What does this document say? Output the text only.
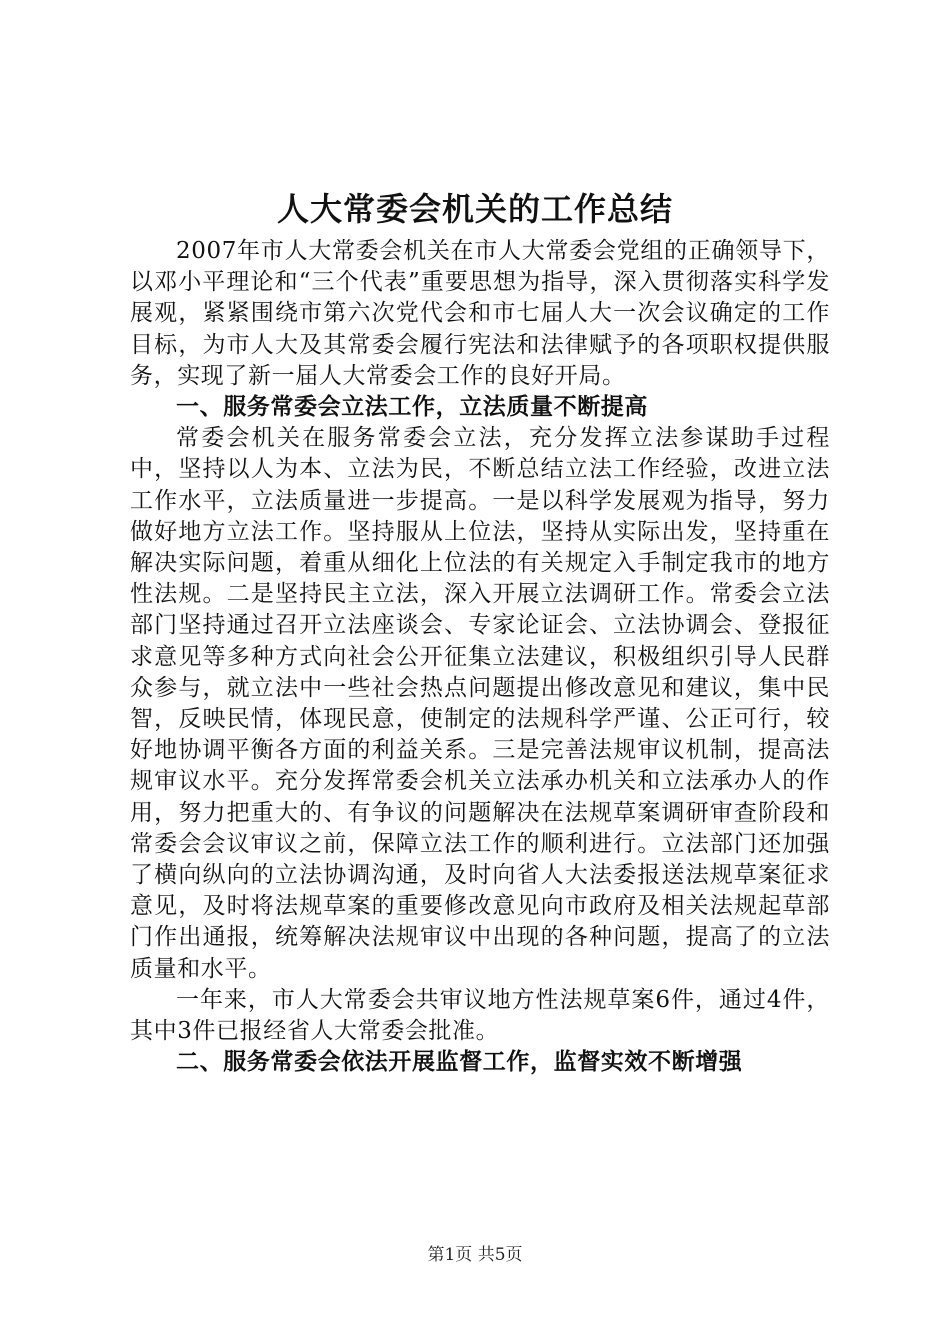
人大常委会机关的工作总结

2007年市人大常委会机关在市人大常委会党组的正确领导下，以邓小平理论和“三个代表”重要思想为指导，深入贯彻落实科学发展观，紧紧围绕市第六次党代会和市七届人大一次会议确定的工作目标，为市人大及其常委会履行宪法和法律赋予的各项职权提供服务，实现了新一届人大常委会工作的良好开局。

一、服务常委会立法工作，立法质量不断提高

常委会机关在服务常委会立法，充分发挥立法参谋助手过程中，坚持以人为本、立法为民，不断总结立法工作经验，改进立法工作水平，立法质量进一步提高。一是以科学发展观为指导，努力做好地方立法工作。坚持服从上位法，坚持从实际出发，坚持重在解决实际问题，着重从细化上位法的有关规定入手制定我市的地方性法规。二是坚持民主立法，深入开展立法调研工作。常委会立法部门坚持通过召开立法座谈会、专家论证会、立法协调会、登报征求意见等多种方式向社会公开征集立法建议，积极组织引导人民群众参与，就立法中一些社会热点问题提出修改意见和建议，集中民智，反映民情，体现民意，使制定的法规科学严谨、公正可行，较好地协调平衡各方面的利益关系。三是完善法规审议机制，提高法规审议水平。充分发挥常委会机关立法承办机关和立法承办人的作用，努力把重大的、有争议的问题解决在法规草案调研审查阶段和常委会会议审议之前，保障立法工作的顺利进行。立法部门还加强了横向纵向的立法协调沟通，及时向省人大法委报送法规草案征求意见，及时将法规草案的重要修改意见向市政府及相关法规起草部门作出通报，统筹解决法规审议中出现的各种问题，提高了的立法质量和水平。

一年来，市人大常委会共审议地方性法规草案6件，通过4件，其中3件已报经省人大常委会批准。

二、服务常委会依法开展监督工作，监督实效不断增强

第1页 共5页
